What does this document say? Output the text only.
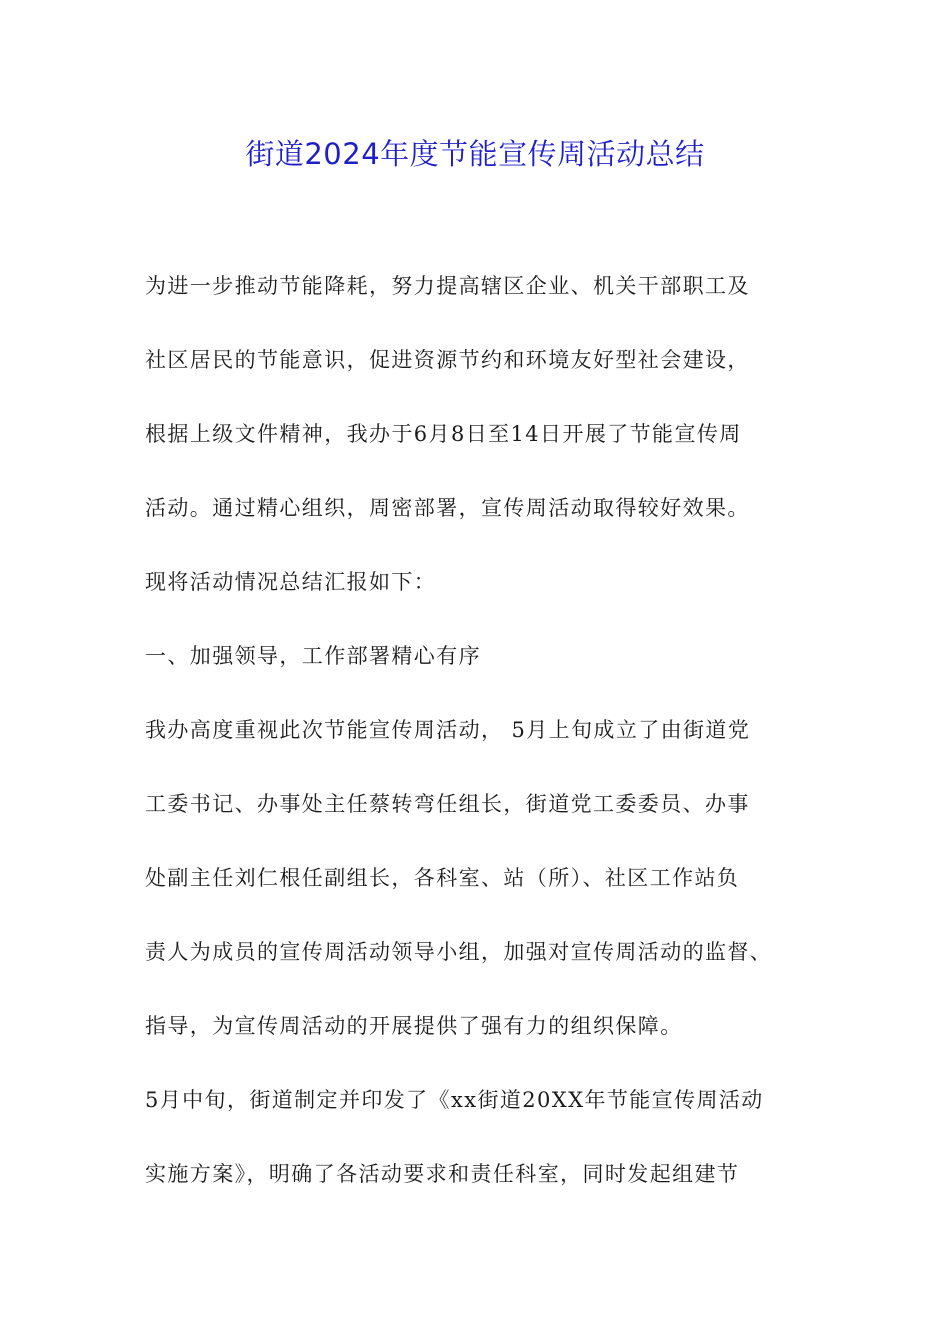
街道2024年度节能宣传周活动总结
为进一步推动节能降耗，努力提高辖区企业、机关干部职工及
社区居民的节能意识，促进资源节约和环境友好型社会建设，
根据上级文件精神，我办于6月8日至14日开展了节能宣传周
活动。通过精心组织，周密部署，宣传周活动取得较好效果。
现将活动情况总结汇报如下：
一、加强领导，工作部署精心有序
我办高度重视此次节能宣传周活动， 5月上旬成立了由街道党
工委书记、办事处主任蔡转弯任组长，街道党工委委员、办事
处副主任刘仁根任副组长，各科室、站（所）、社区工作站负
责人为成员的宣传周活动领导小组，加强对宣传周活动的监督、
指导，为宣传周活动的开展提供了强有力的组织保障。
5月中旬，街道制定并印发了《xx街道20XX年节能宣传周活动
实施方案》，明确了各活动要求和责任科室，同时发起组建节
